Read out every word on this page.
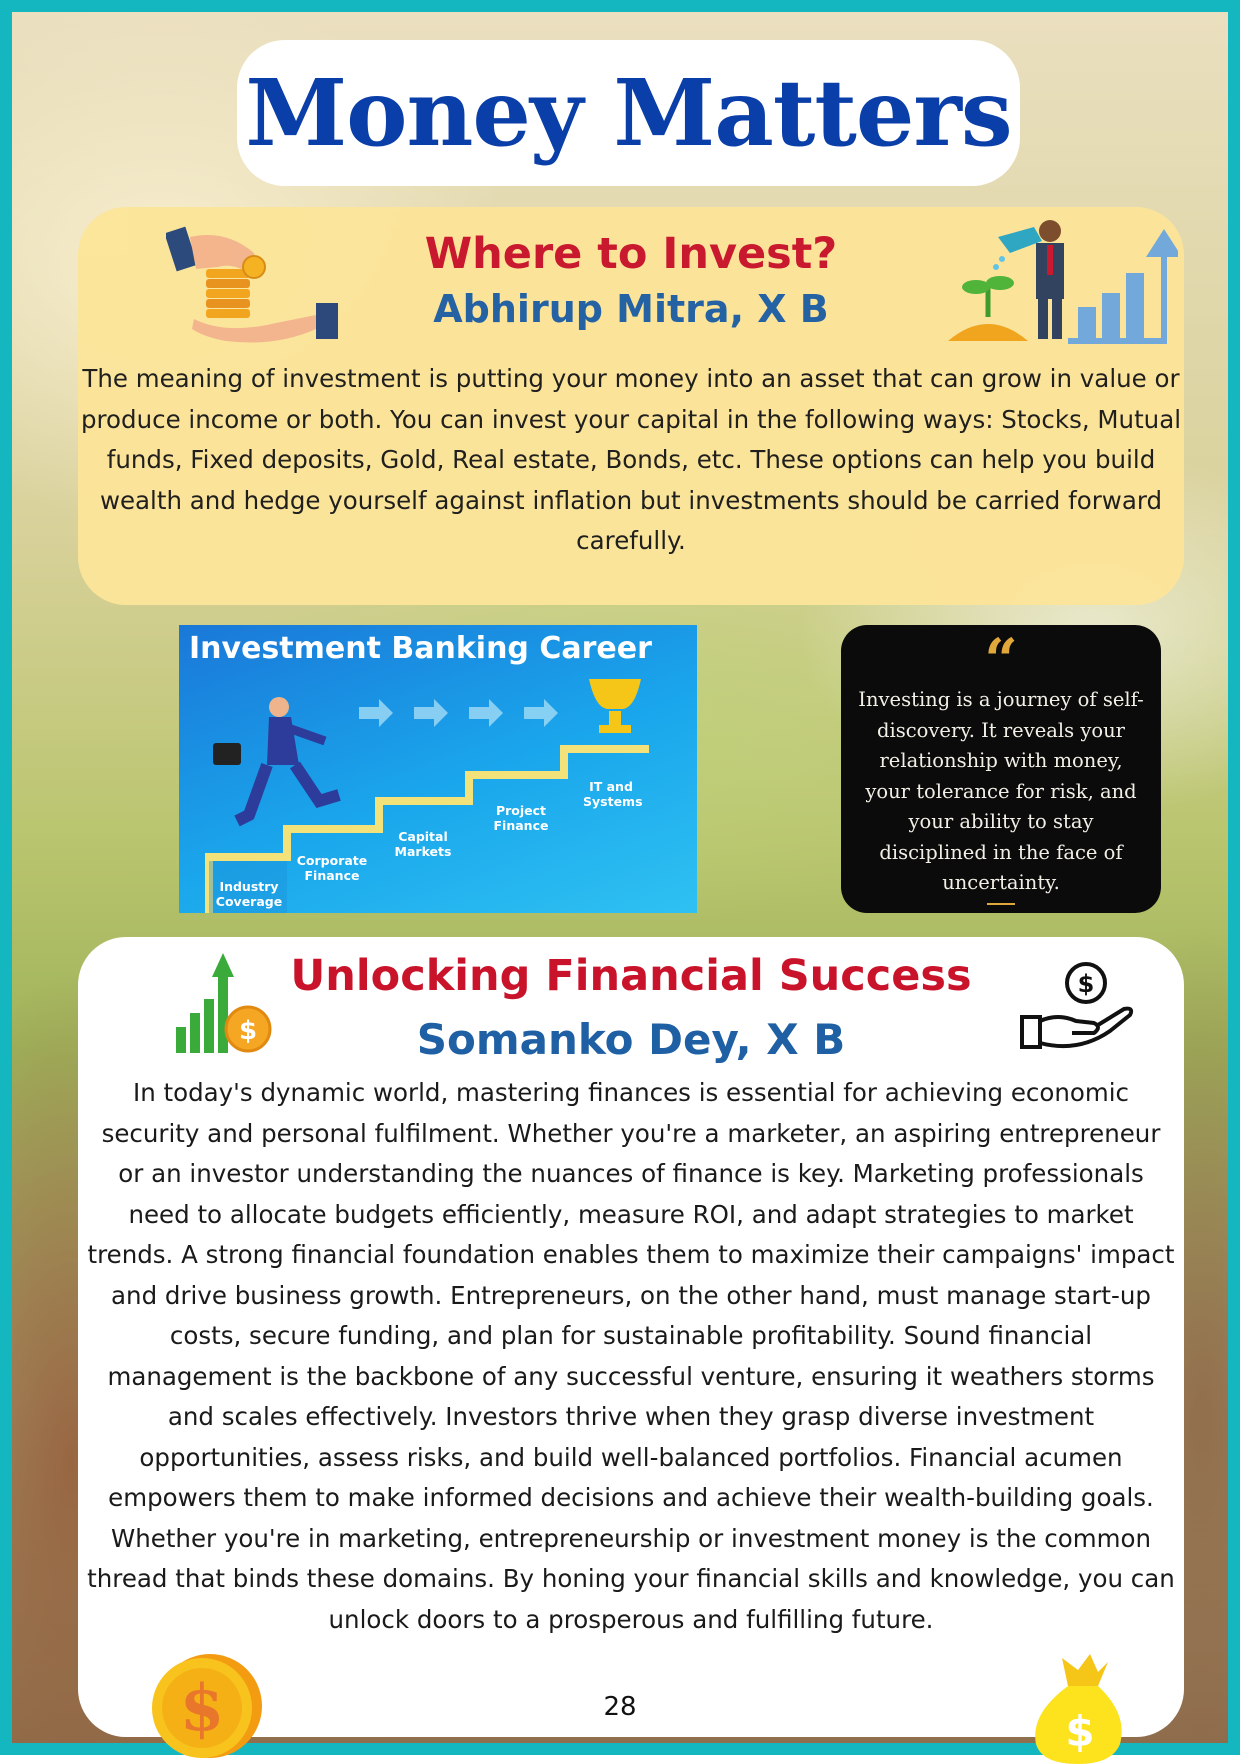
Money Matters
Where to Invest?
Abhirup Mitra, X B
The meaning of investment is putting your money into an asset that can grow in value or produce income or both. You can invest your capital in the following ways: Stocks, Mutual funds, Fixed deposits, Gold, Real estate, Bonds, etc. These options can help you build wealth and hedge yourself against inflation but investments should be carried forward carefully.
Investment Banking Career
Industry Coverage
Corporate Finance
Capital Markets
Project Finance
IT and Systems
“
Investing is a journey of self-discovery. It reveals your relationship with money, your tolerance for risk, and your ability to stay disciplined in the face of uncertainty.
Unlocking Financial Success
Somanko Dey, X B
$
$
In today's dynamic world, mastering finances is essential for achieving economic security and personal fulfilment. Whether you're a marketer, an aspiring entrepreneur or an investor understanding the nuances of finance is key. Marketing professionals need to allocate budgets efficiently, measure ROI, and adapt strategies to market trends. A strong financial foundation enables them to maximize their campaigns' impact and drive business growth. Entrepreneurs, on the other hand, must manage start-up costs, secure funding, and plan for sustainable profitability. Sound financial management is the backbone of any successful venture, ensuring it weathers storms and scales effectively. Investors thrive when they grasp diverse investment opportunities, assess risks, and build well-balanced portfolios. Financial acumen empowers them to make informed decisions and achieve their wealth-building goals. Whether you're in marketing, entrepreneurship or investment money is the common thread that binds these domains. By honing your financial skills and knowledge, you can unlock doors to a prosperous and fulfilling future.
$	$
28
